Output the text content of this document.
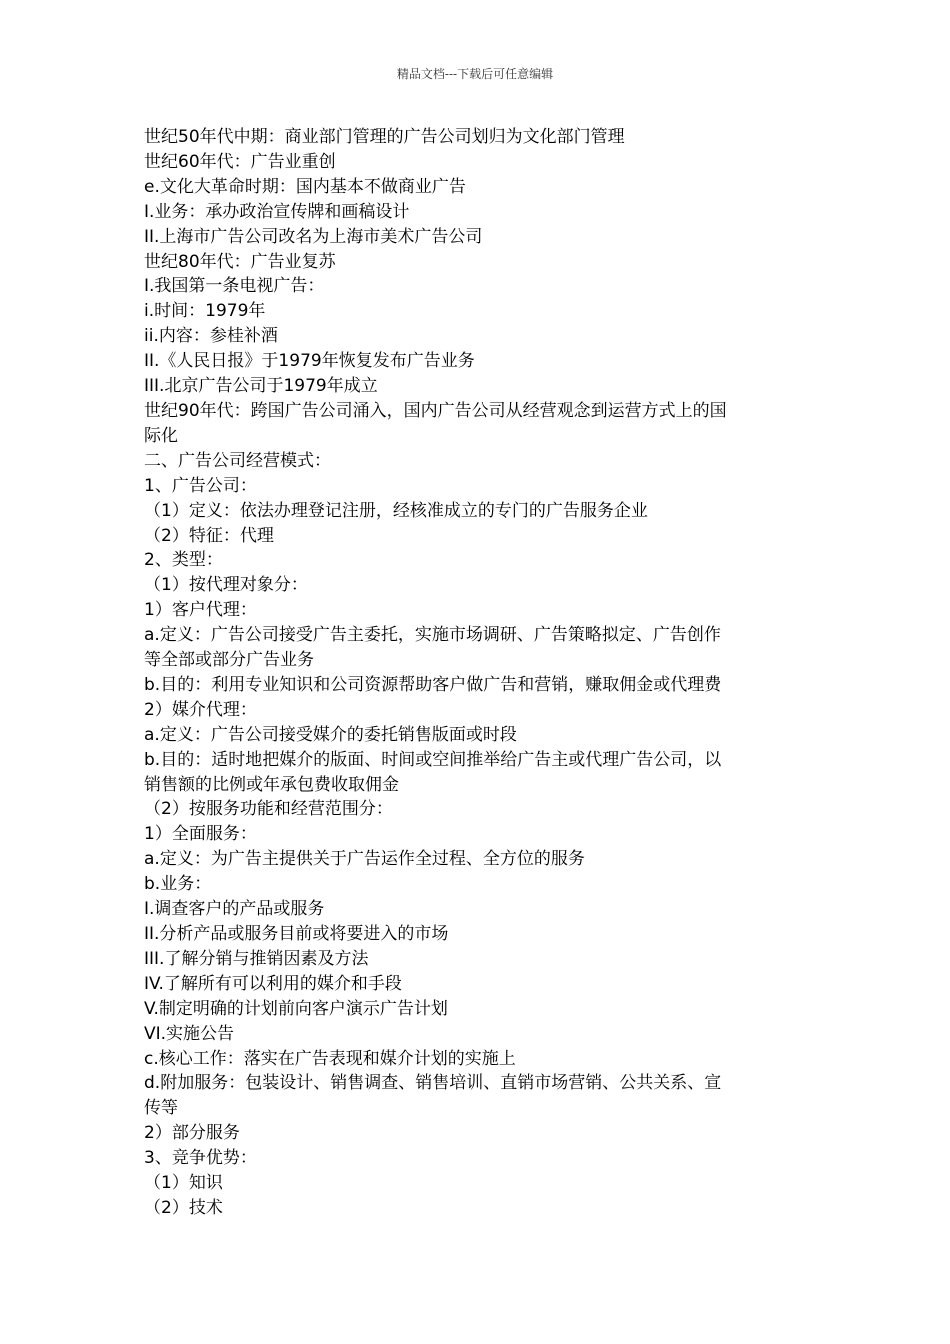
精品文档---下载后可任意编辑
世纪50年代中期：商业部门管理的广告公司划归为文化部门管理
世纪60年代：广告业重创
e.文化大革命时期：国内基本不做商业广告
I.业务：承办政治宣传牌和画稿设计
II.上海市广告公司改名为上海市美术广告公司
世纪80年代：广告业复苏
I.我国第一条电视广告：
i.时间：1979年
ii.内容：参桂补酒
II.《人民日报》于1979年恢复发布广告业务
III.北京广告公司于1979年成立
世纪90年代：跨国广告公司涌入，国内广告公司从经营观念到运营方式上的国
际化
二、广告公司经营模式：
1、广告公司：
（1）定义：依法办理登记注册，经核准成立的专门的广告服务企业
（2）特征：代理
2、类型：
（1）按代理对象分：
1）客户代理：
a.定义：广告公司接受广告主委托，实施市场调研、广告策略拟定、广告创作
等全部或部分广告业务
b.目的：利用专业知识和公司资源帮助客户做广告和营销，赚取佣金或代理费
2）媒介代理：
a.定义：广告公司接受媒介的委托销售版面或时段
b.目的：适时地把媒介的版面、时间或空间推举给广告主或代理广告公司，以
销售额的比例或年承包费收取佣金
（2）按服务功能和经营范围分：
1）全面服务：
a.定义：为广告主提供关于广告运作全过程、全方位的服务
b.业务：
I.调查客户的产品或服务
II.分析产品或服务目前或将要进入的市场
III.了解分销与推销因素及方法
IV.了解所有可以利用的媒介和手段
V.制定明确的计划前向客户演示广告计划
VI.实施公告
c.核心工作：落实在广告表现和媒介计划的实施上
d.附加服务：包装设计、销售调查、销售培训、直销市场营销、公共关系、宣
传等
2）部分服务
3、竞争优势：
（1）知识
（2）技术
